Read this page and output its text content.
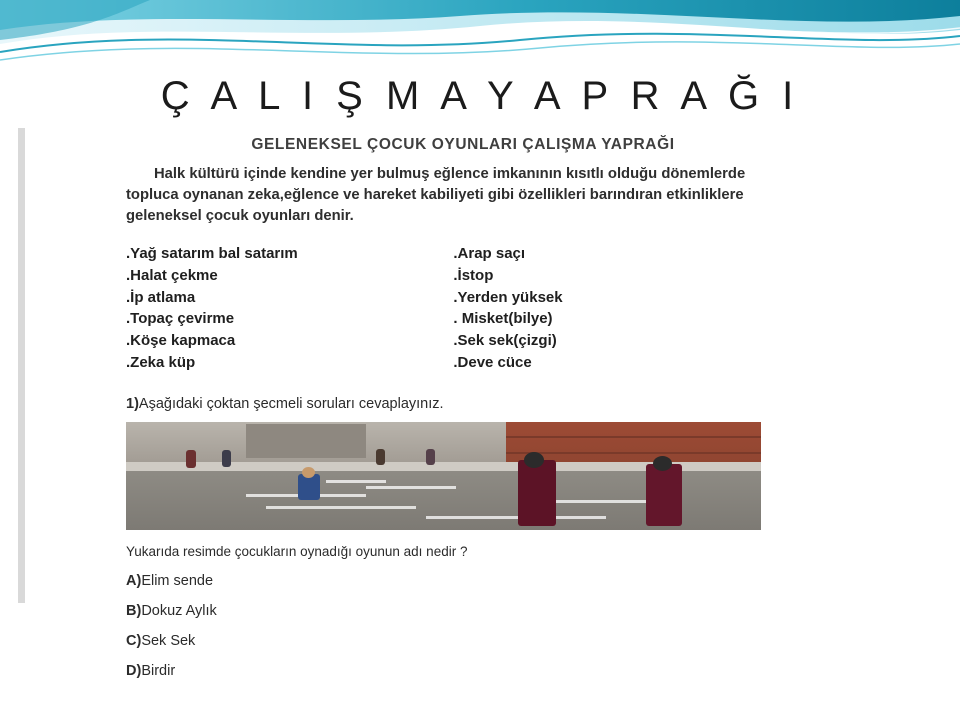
Ç A L I Ş M A Y A P R A Ğ I
GELENEKSEL ÇOCUK OYUNLARI ÇALIŞMA YAPRAĞI
Halk kültürü içinde kendine yer bulmuş eğlence imkanının kısıtlı olduğu dönemlerde topluca oynanan zeka,eğlence ve hareket kabiliyeti gibi özellikleri barındıran etkinliklere geleneksel çocuk oyunları denir.
.Yağ satarım bal satarım
.Halat çekme
.İp atlama
.Topaç çevirme
.Köşe kapmaca
.Zeka küp
.Arap saçı
.İstop
.Yerden yüksek
. Misket(bilye)
.Sek sek(çizgi)
.Deve cüce
1)Aşağıdaki çoktan şecmeli soruları cevaplayınız.
Yukarıda resimde çocukların oynadığı oyunun adı nedir ?
A)Elim sende
B)Dokuz Aylık
C)Sek Sek
D)Birdir
